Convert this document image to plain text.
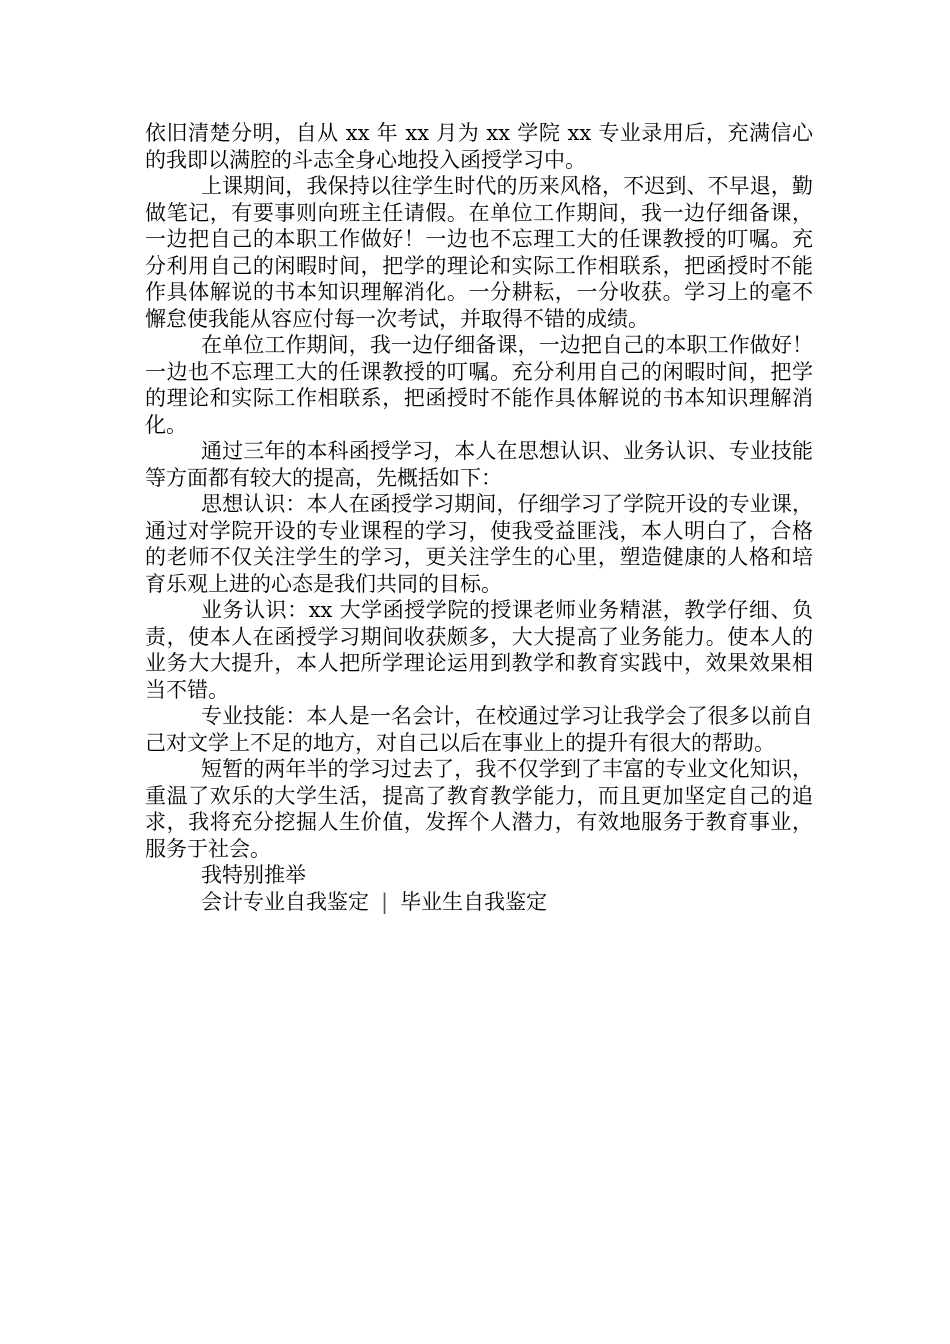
依旧清楚分明，自从 xx 年 xx 月为 xx 学院 xx 专业录用后，充满信心的我即以满腔的斗志全身心地投入函授学习中。

上课期间，我保持以往学生时代的历来风格，不迟到、不早退，勤做笔记，有要事则向班主任请假。在单位工作期间，我一边仔细备课，一边把自己的本职工作做好！一边也不忘理工大的任课教授的叮嘱。充分利用自己的闲暇时间，把学的理论和实际工作相联系，把函授时不能作具体解说的书本知识理解消化。一分耕耘，一分收获。学习上的毫不懈怠使我能从容应付每一次考试，并取得不错的成绩。

在单位工作期间，我一边仔细备课，一边把自己的本职工作做好！一边也不忘理工大的任课教授的叮嘱。充分利用自己的闲暇时间，把学的理论和实际工作相联系，把函授时不能作具体解说的书本知识理解消化。

通过三年的本科函授学习，本人在思想认识、业务认识、专业技能等方面都有较大的提高，先概括如下：

思想认识：本人在函授学习期间，仔细学习了学院开设的专业课，通过对学院开设的专业课程的学习，使我受益匪浅，本人明白了，合格的老师不仅关注学生的学习，更关注学生的心里，塑造健康的人格和培育乐观上进的心态是我们共同的目标。

业务认识：xx 大学函授学院的授课老师业务精湛，教学仔细、负责，使本人在函授学习期间收获颇多，大大提高了业务能力。使本人的业务大大提升，本人把所学理论运用到教学和教育实践中，效果效果相当不错。

专业技能：本人是一名会计，在校通过学习让我学会了很多以前自己对文学上不足的地方，对自己以后在事业上的提升有很大的帮助。

短暂的两年半的学习过去了，我不仅学到了丰富的专业文化知识，重温了欢乐的大学生活，提高了教育教学能力，而且更加坚定自己的追求，我将充分挖掘人生价值，发挥个人潜力，有效地服务于教育事业，服务于社会。

我特别推举
会计专业自我鉴定 | 毕业生自我鉴定
